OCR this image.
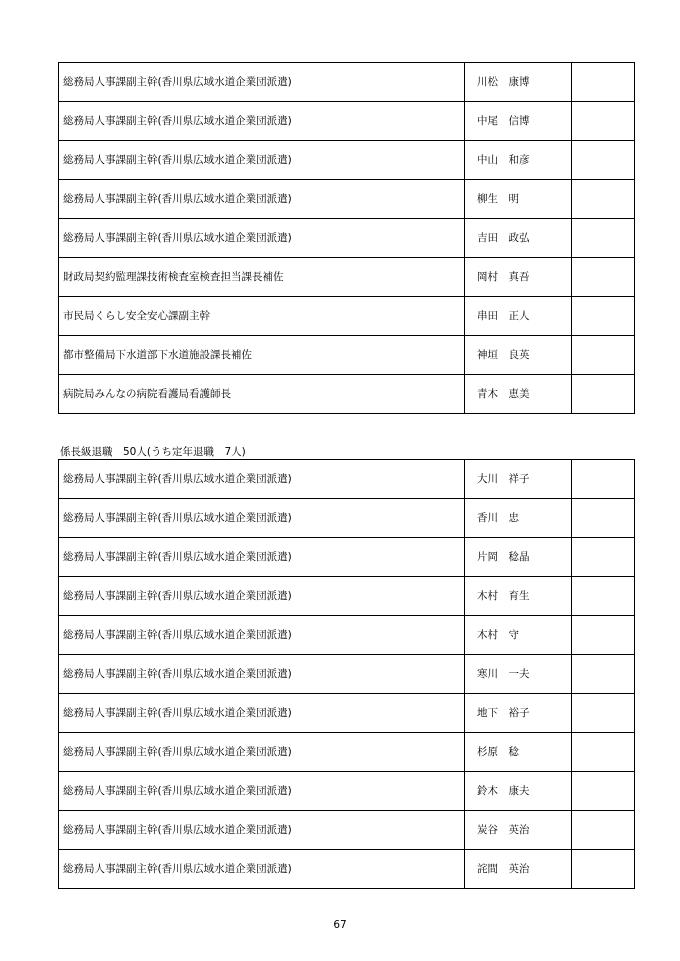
総務局人事課副主幹(香川県広域水道企業団派遣)	川松　康博	
総務局人事課副主幹(香川県広域水道企業団派遣)	中尾　信博	
総務局人事課副主幹(香川県広域水道企業団派遣)	中山　和彦	
総務局人事課副主幹(香川県広域水道企業団派遣)	柳生　明	
総務局人事課副主幹(香川県広域水道企業団派遣)	吉田　政弘	
財政局契約監理課技術検査室検査担当課長補佐	岡村　真吾	
市民局くらし安全安心課副主幹	串田　正人	
都市整備局下水道部下水道施設課長補佐	神垣　良英	
病院局みんなの病院看護局看護師長	青木　恵美	
係長級退職　50人(うち定年退職　7人)
総務局人事課副主幹(香川県広域水道企業団派遣)	大川　祥子	
総務局人事課副主幹(香川県広域水道企業団派遣)	香川　忠	
総務局人事課副主幹(香川県広域水道企業団派遣)	片岡　稔晶	
総務局人事課副主幹(香川県広域水道企業団派遣)	木村　育生	
総務局人事課副主幹(香川県広域水道企業団派遣)	木村　守	
総務局人事課副主幹(香川県広域水道企業団派遣)	寒川　一夫	
総務局人事課副主幹(香川県広域水道企業団派遣)	地下　裕子	
総務局人事課副主幹(香川県広域水道企業団派遣)	杉原　稔	
総務局人事課副主幹(香川県広域水道企業団派遣)	鈴木　康夫	
総務局人事課副主幹(香川県広域水道企業団派遣)	炭谷　英治	
総務局人事課副主幹(香川県広域水道企業団派遣)	詫間　英治	
67
